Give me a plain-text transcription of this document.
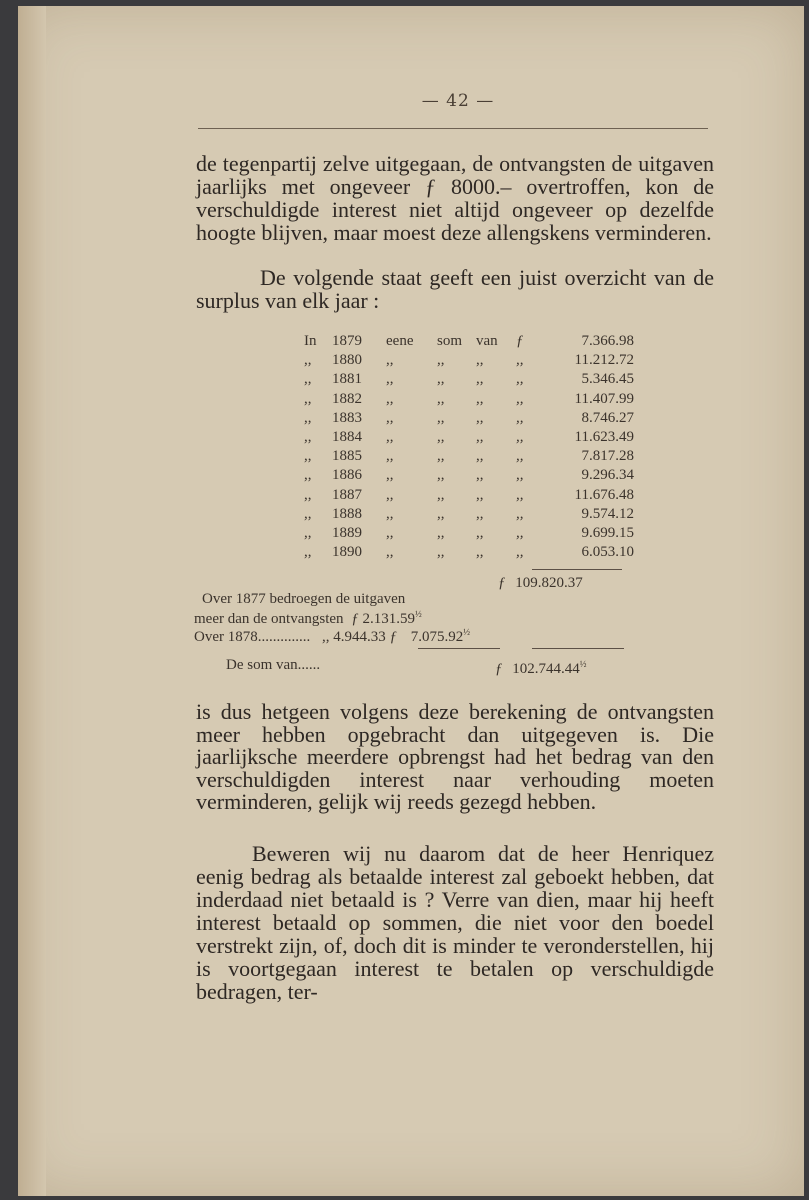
— 42 —
de tegenpartij zelve uitgegaan, de ontvangsten de uitgaven jaarlijks met ongeveer ƒ 8000.– overtroffen, kon de verschuldigde interest niet altijd ongeveer op dezelfde hoogte blijven, maar moest deze allengskens verminderen.
De volgende staat geeft een juist overzicht van de surplus van elk jaar :
In 1879 eene som van ƒ	7.366.98
,, 1880 ,,	,, ,, ,,	11.212.72
,, 1881 ,,	,, ,, ,,	5.346.45
,, 1882 ,,	,, ,, ,,	11.407.99
,, 1883 ,,	,, ,, ,,	8.746.27
,, 1884 ,,	,, ,, ,,	11.623.49
,, 1885 ,,	,, ,, ,,	7.817.28
,, 1886 ,,	,, ,, ,,	9.296.34
,, 1887 ,,	,, ,, ,,	11.676.48
,, 1888 ,,	,, ,, ,,	9.574.12
,, 1889 ,,	,, ,, ,,	9.699.15
,, 1890 ,,	,, ,, ,,	6.053.10
ƒ 109.820.37
Over 1877 bedroegen de uitgaven
meer dan de ontvangsten ƒ $2.131.59^{\frac{1}{2}}$
Over 1878.............. ,, 4.944.33 ƒ $7.075.92^{\frac{1}{2}}$
De som van......	ƒ $102.744.44^{\frac{1}{2}}$
is dus hetgeen volgens deze berekening de ontvangsten meer hebben opgebracht dan uitgegeven is. Die jaarlijksche meerdere opbrengst had het bedrag van den verschuldigden interest naar verhouding moeten verminderen, gelijk wij reeds gezegd hebben.
Beweren wij nu daarom dat de heer Henriquez eenig bedrag als betaalde interest zal geboekt hebben, dat inderdaad niet betaald is ? Verre van dien, maar hij heeft interest betaald op sommen, die niet voor den boedel verstrekt zijn, of, doch dit is minder te veronderstellen, hij is voortgegaan interest te betalen op verschuldigde bedragen, ter-
